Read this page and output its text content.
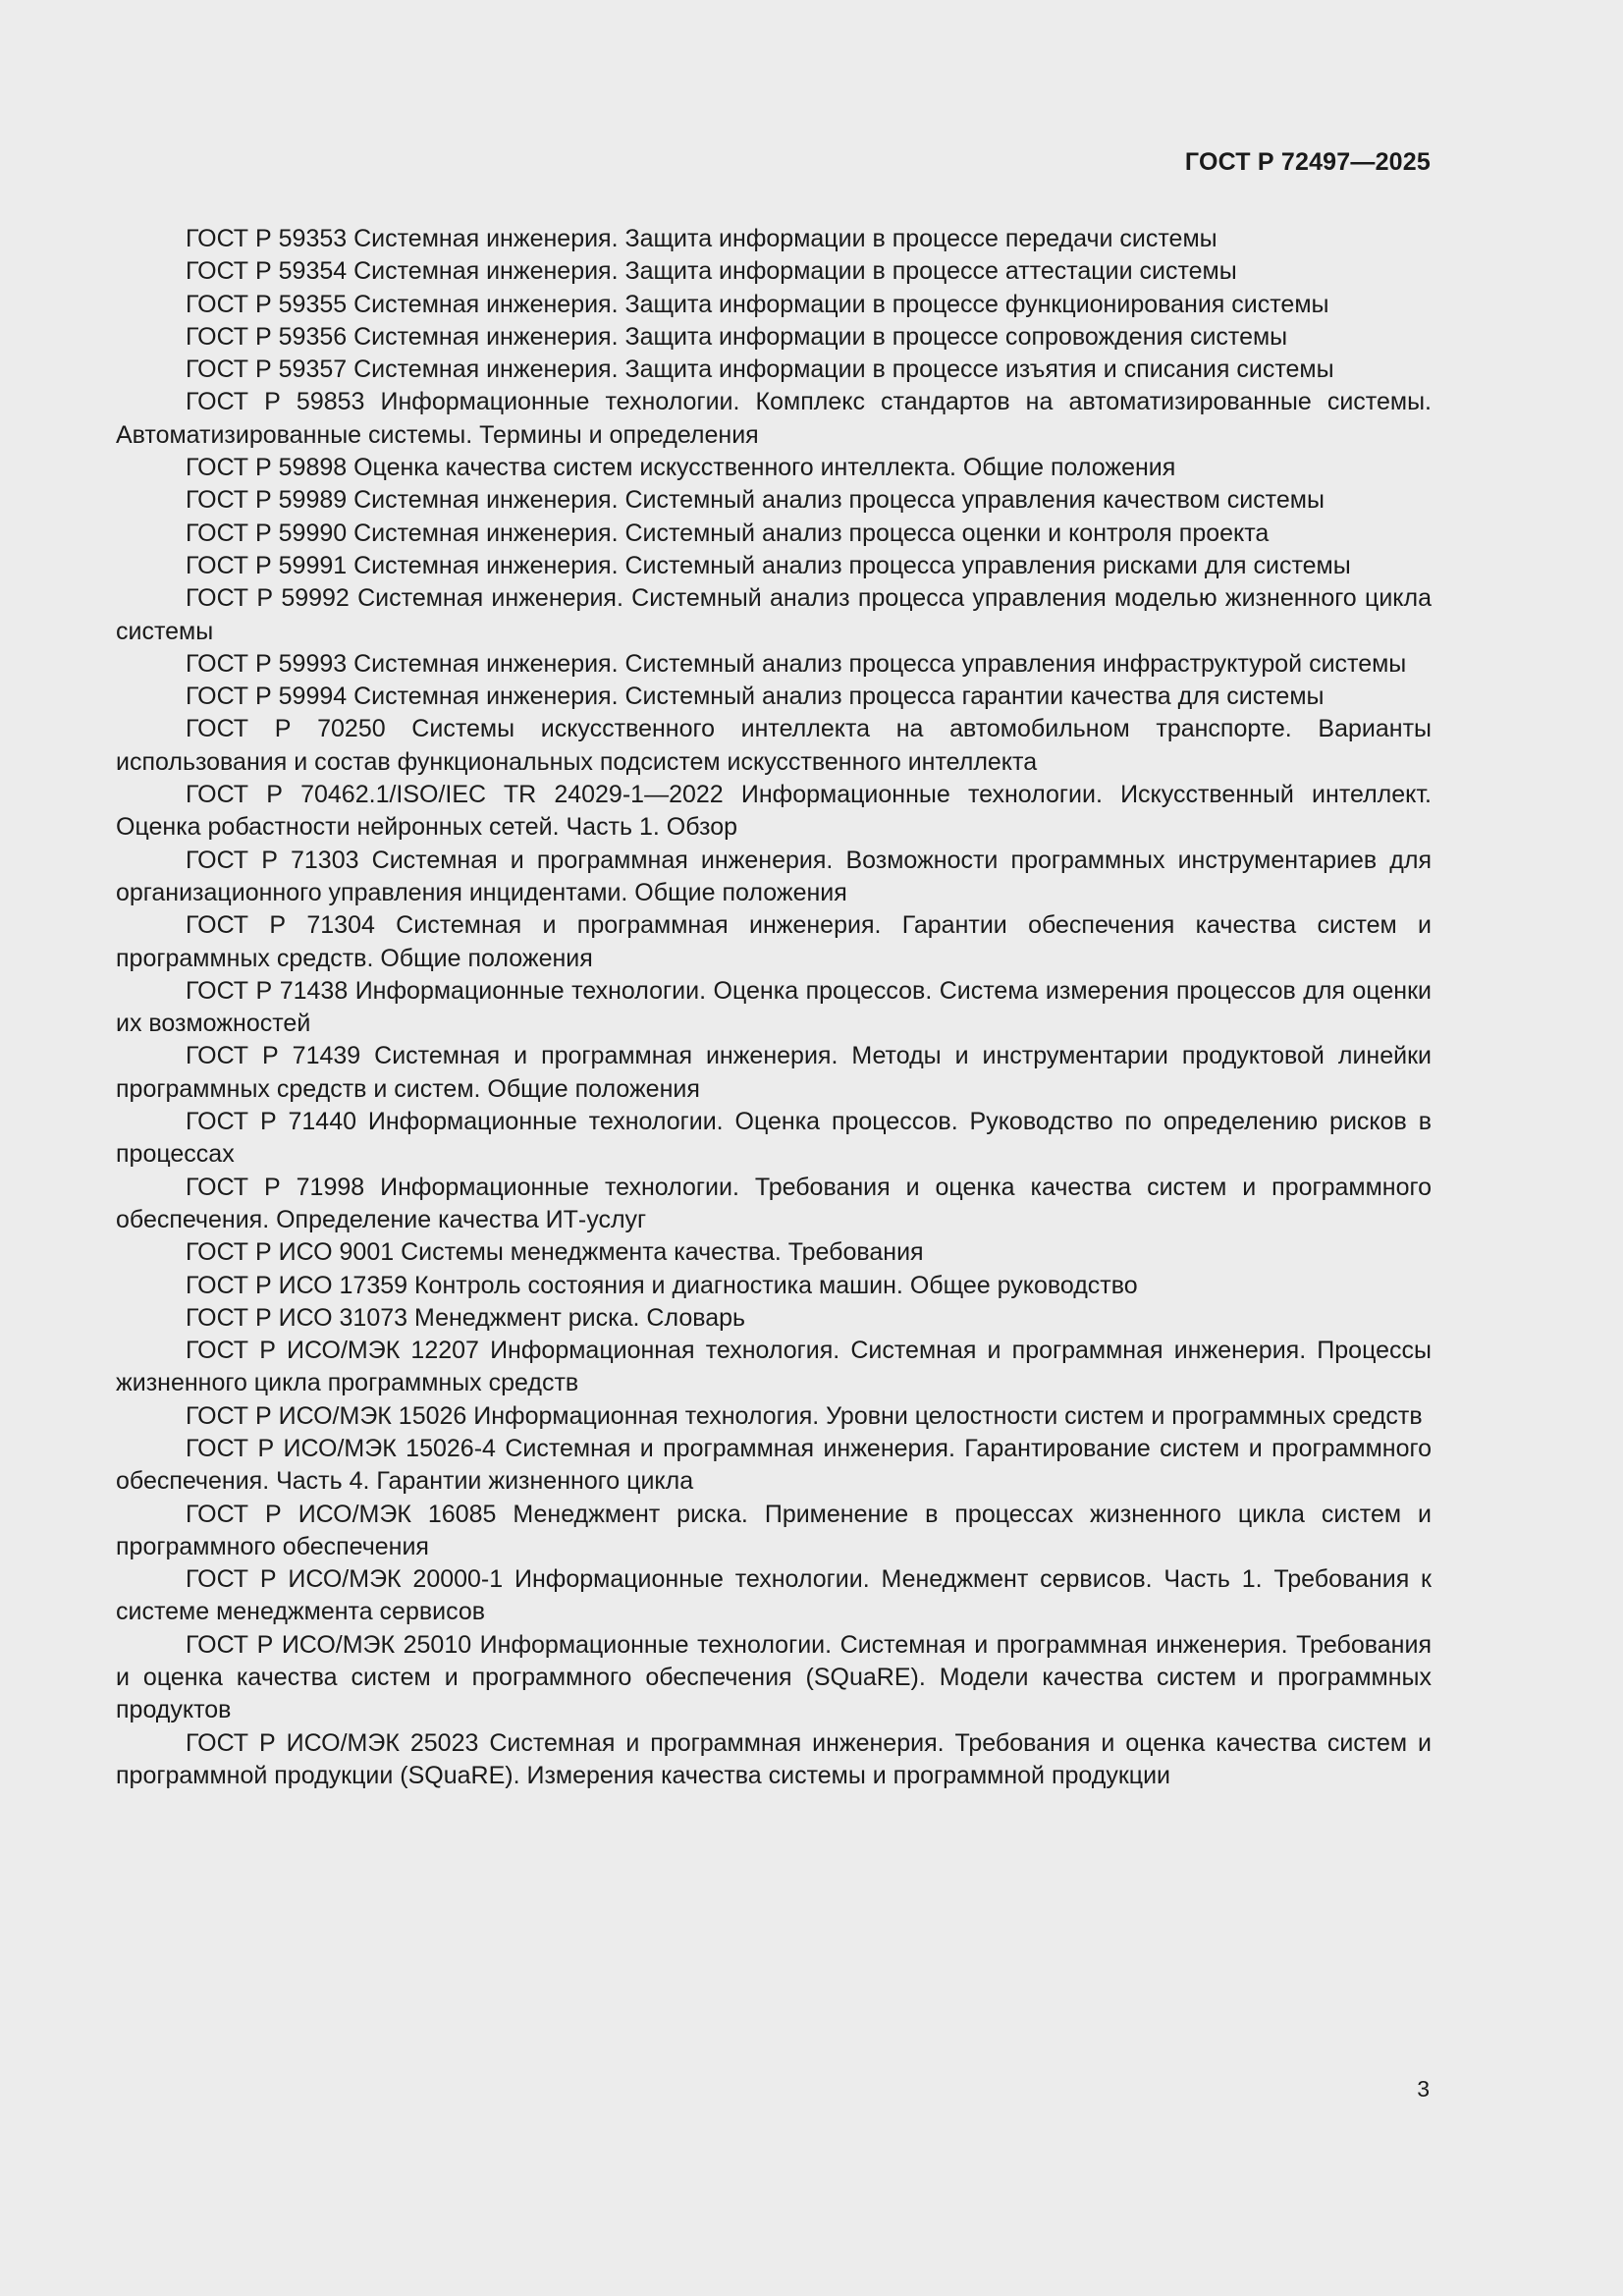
ГОСТ Р 72497—2025

ГОСТ Р 59353 Системная инженерия. Защита информации в процессе передачи системы

ГОСТ Р 59354 Системная инженерия. Защита информации в процессе аттестации системы

ГОСТ Р 59355 Системная инженерия. Защита информации в процессе функционирования системы

ГОСТ Р 59356 Системная инженерия. Защита информации в процессе сопровождения системы

ГОСТ Р 59357 Системная инженерия. Защита информации в процессе изъятия и списания системы

ГОСТ Р 59853 Информационные технологии. Комплекс стандартов на автоматизированные системы. Автоматизированные системы. Термины и определения

ГОСТ Р 59898 Оценка качества систем искусственного интеллекта. Общие положения

ГОСТ Р 59989 Системная инженерия. Системный анализ процесса управления качеством системы

ГОСТ Р 59990 Системная инженерия. Системный анализ процесса оценки и контроля проекта

ГОСТ Р 59991 Системная инженерия. Системный анализ процесса управления рисками для системы

ГОСТ Р 59992 Системная инженерия. Системный анализ процесса управления моделью жизненного цикла системы

ГОСТ Р 59993 Системная инженерия. Системный анализ процесса управления инфраструктурой системы

ГОСТ Р 59994 Системная инженерия. Системный анализ процесса гарантии качества для системы

ГОСТ Р 70250 Системы искусственного интеллекта на автомобильном транспорте. Варианты использования и состав функциональных подсистем искусственного интеллекта

ГОСТ Р 70462.1/ISO/IEC TR 24029-1—2022 Информационные технологии. Искусственный интеллект. Оценка робастности нейронных сетей. Часть 1. Обзор

ГОСТ Р 71303 Системная и программная инженерия. Возможности программных инструментариев для организационного управления инцидентами. Общие положения

ГОСТ Р 71304 Системная и программная инженерия. Гарантии обеспечения качества систем и программных средств. Общие положения

ГОСТ Р 71438 Информационные технологии. Оценка процессов. Система измерения процессов для оценки их возможностей

ГОСТ Р 71439 Системная и программная инженерия. Методы и инструментарии продуктовой линейки программных средств и систем. Общие положения

ГОСТ Р 71440 Информационные технологии. Оценка процессов. Руководство по определению рисков в процессах

ГОСТ Р 71998 Информационные технологии. Требования и оценка качества систем и программного обеспечения. Определение качества ИТ-услуг

ГОСТ Р ИСО 9001 Системы менеджмента качества. Требования

ГОСТ Р ИСО 17359 Контроль состояния и диагностика машин. Общее руководство

ГОСТ Р ИСО 31073 Менеджмент риска. Словарь

ГОСТ Р ИСО/МЭК 12207 Информационная технология. Системная и программная инженерия. Процессы жизненного цикла программных средств

ГОСТ Р ИСО/МЭК 15026 Информационная технология. Уровни целостности систем и программных средств

ГОСТ Р ИСО/МЭК 15026-4 Системная и программная инженерия. Гарантирование систем и программного обеспечения. Часть 4. Гарантии жизненного цикла

ГОСТ Р ИСО/МЭК 16085 Менеджмент риска. Применение в процессах жизненного цикла систем и программного обеспечения

ГОСТ Р ИСО/МЭК 20000-1 Информационные технологии. Менеджмент сервисов. Часть 1. Требования к системе менеджмента сервисов

ГОСТ Р ИСО/МЭК 25010 Информационные технологии. Системная и программная инженерия. Требования и оценка качества систем и программного обеспечения (SQuaRE). Модели качества систем и программных продуктов

ГОСТ Р ИСО/МЭК 25023 Системная и программная инженерия. Требования и оценка качества систем и программной продукции (SQuaRE). Измерения качества системы и программной продукции

3
